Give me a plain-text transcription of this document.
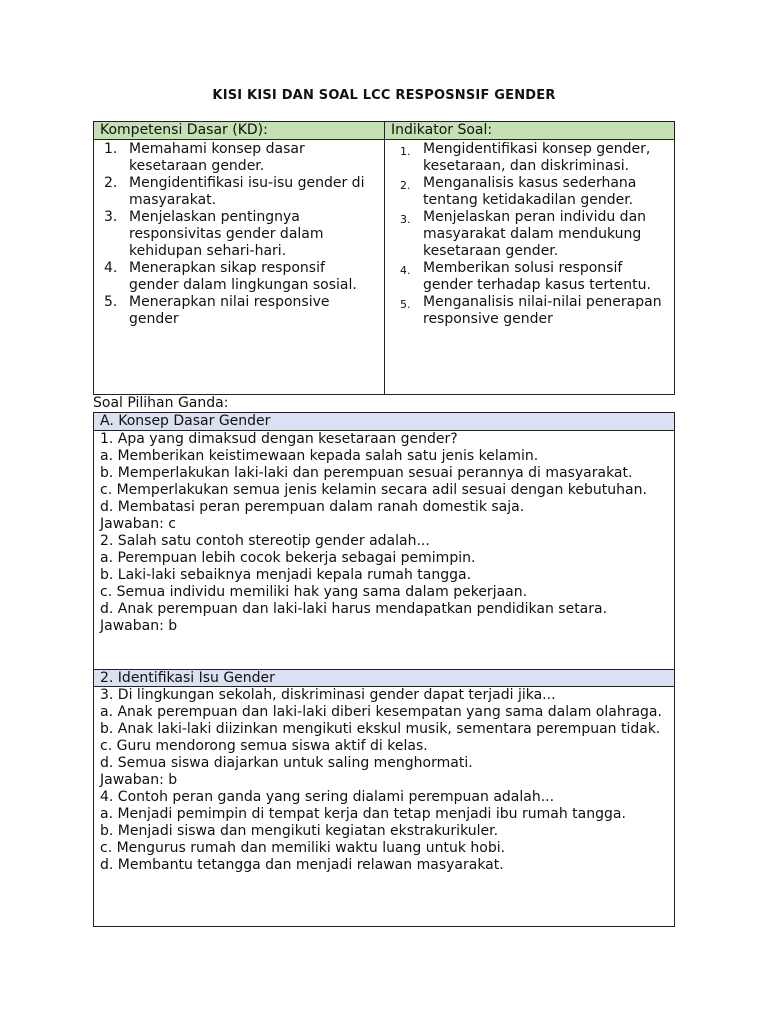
KISI KISI DAN SOAL LCC RESPOSNSIF GENDER
Kompetensi Dasar (KD):	Indikator Soal:
1. Memahami konsep dasar kesetaraan gender.
2. Mengidentifikasi isu-isu gender di masyarakat.
3. Menjelaskan pentingnya responsivitas gender dalam kehidupan sehari-hari.
4. Menerapkan sikap responsif gender dalam lingkungan sosial.
5. Menerapkan nilai responsive gender
1. Mengidentifikasi konsep gender, kesetaraan, dan diskriminasi.
2. Menganalisis kasus sederhana tentang ketidakadilan gender.
3. Menjelaskan peran individu dan masyarakat dalam mendukung kesetaraan gender.
4. Memberikan solusi responsif gender terhadap kasus tertentu.
5. Menganalisis nilai-nilai penerapan responsive gender
Soal Pilihan Ganda:
A. Konsep Dasar Gender
1. Apa yang dimaksud dengan kesetaraan gender?
a. Memberikan keistimewaan kepada salah satu jenis kelamin.
b. Memperlakukan laki-laki dan perempuan sesuai perannya di masyarakat.
c. Memperlakukan semua jenis kelamin secara adil sesuai dengan kebutuhan.
d. Membatasi peran perempuan dalam ranah domestik saja.
Jawaban: c
2. Salah satu contoh stereotip gender adalah...
a. Perempuan lebih cocok bekerja sebagai pemimpin.
b. Laki-laki sebaiknya menjadi kepala rumah tangga.
c. Semua individu memiliki hak yang sama dalam pekerjaan.
d. Anak perempuan dan laki-laki harus mendapatkan pendidikan setara.
Jawaban: b
2. Identifikasi Isu Gender
3. Di lingkungan sekolah, diskriminasi gender dapat terjadi jika...
a. Anak perempuan dan laki-laki diberi kesempatan yang sama dalam olahraga.
b. Anak laki-laki diizinkan mengikuti ekskul musik, sementara perempuan tidak.
c. Guru mendorong semua siswa aktif di kelas.
d. Semua siswa diajarkan untuk saling menghormati.
Jawaban: b
4. Contoh peran ganda yang sering dialami perempuan adalah...
a. Menjadi pemimpin di tempat kerja dan tetap menjadi ibu rumah tangga.
b. Menjadi siswa dan mengikuti kegiatan ekstrakurikuler.
c. Mengurus rumah dan memiliki waktu luang untuk hobi.
d. Membantu tetangga dan menjadi relawan masyarakat.
